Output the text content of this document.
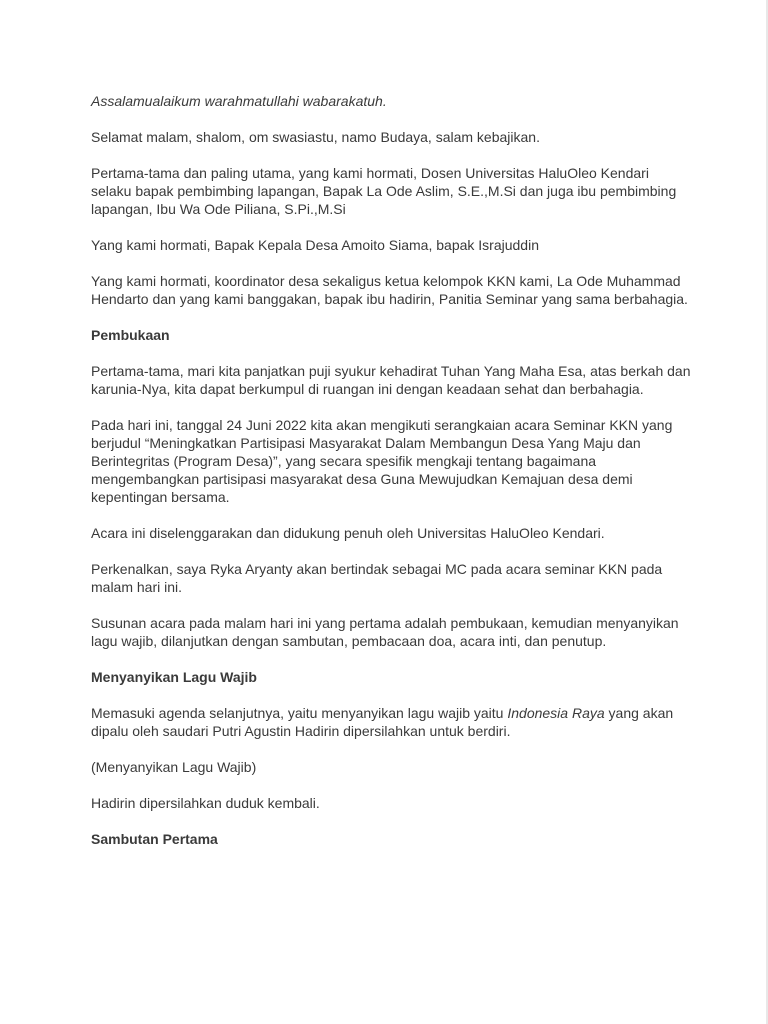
Assalamualaikum warahmatullahi wabarakatuh.

Selamat malam, shalom, om swasiastu, namo Budaya, salam kebajikan.

Pertama-tama dan paling utama, yang kami hormati, Dosen Universitas HaluOleo Kendari selaku bapak pembimbing lapangan, Bapak La Ode Aslim, S.E.,M.Si dan juga ibu pembimbing lapangan, Ibu Wa Ode Piliana, S.Pi.,M.Si

Yang kami hormati, Bapak Kepala Desa Amoito Siama, bapak Israjuddin

Yang kami hormati, koordinator desa sekaligus ketua kelompok KKN kami, La Ode Muhammad Hendarto dan yang kami banggakan, bapak ibu hadirin, Panitia Seminar yang sama berbahagia.

Pembukaan

Pertama-tama, mari kita panjatkan puji syukur kehadirat Tuhan Yang Maha Esa, atas berkah dan karunia-Nya, kita dapat berkumpul di ruangan ini dengan keadaan sehat dan berbahagia.

Pada hari ini, tanggal 24 Juni 2022 kita akan mengikuti serangkaian acara Seminar KKN yang berjudul “Meningkatkan Partisipasi Masyarakat Dalam Membangun Desa Yang Maju dan Berintegritas (Program Desa)”, yang secara spesifik mengkaji tentang bagaimana mengembangkan partisipasi masyarakat desa Guna Mewujudkan Kemajuan desa demi kepentingan bersama.

Acara ini diselenggarakan dan didukung penuh oleh Universitas HaluOleo Kendari.

Perkenalkan, saya Ryka Aryanty akan bertindak sebagai MC pada acara seminar KKN pada malam hari ini.

Susunan acara pada malam hari ini yang pertama adalah pembukaan, kemudian menyanyikan lagu wajib, dilanjutkan dengan sambutan, pembacaan doa, acara inti, dan penutup.

Menyanyikan Lagu Wajib

Memasuki agenda selanjutnya, yaitu menyanyikan lagu wajib yaitu Indonesia Raya yang akan dipalu oleh saudari Putri Agustin Hadirin dipersilahkan untuk berdiri.

(Menyanyikan Lagu Wajib)

Hadirin dipersilahkan duduk kembali.

Sambutan Pertama
